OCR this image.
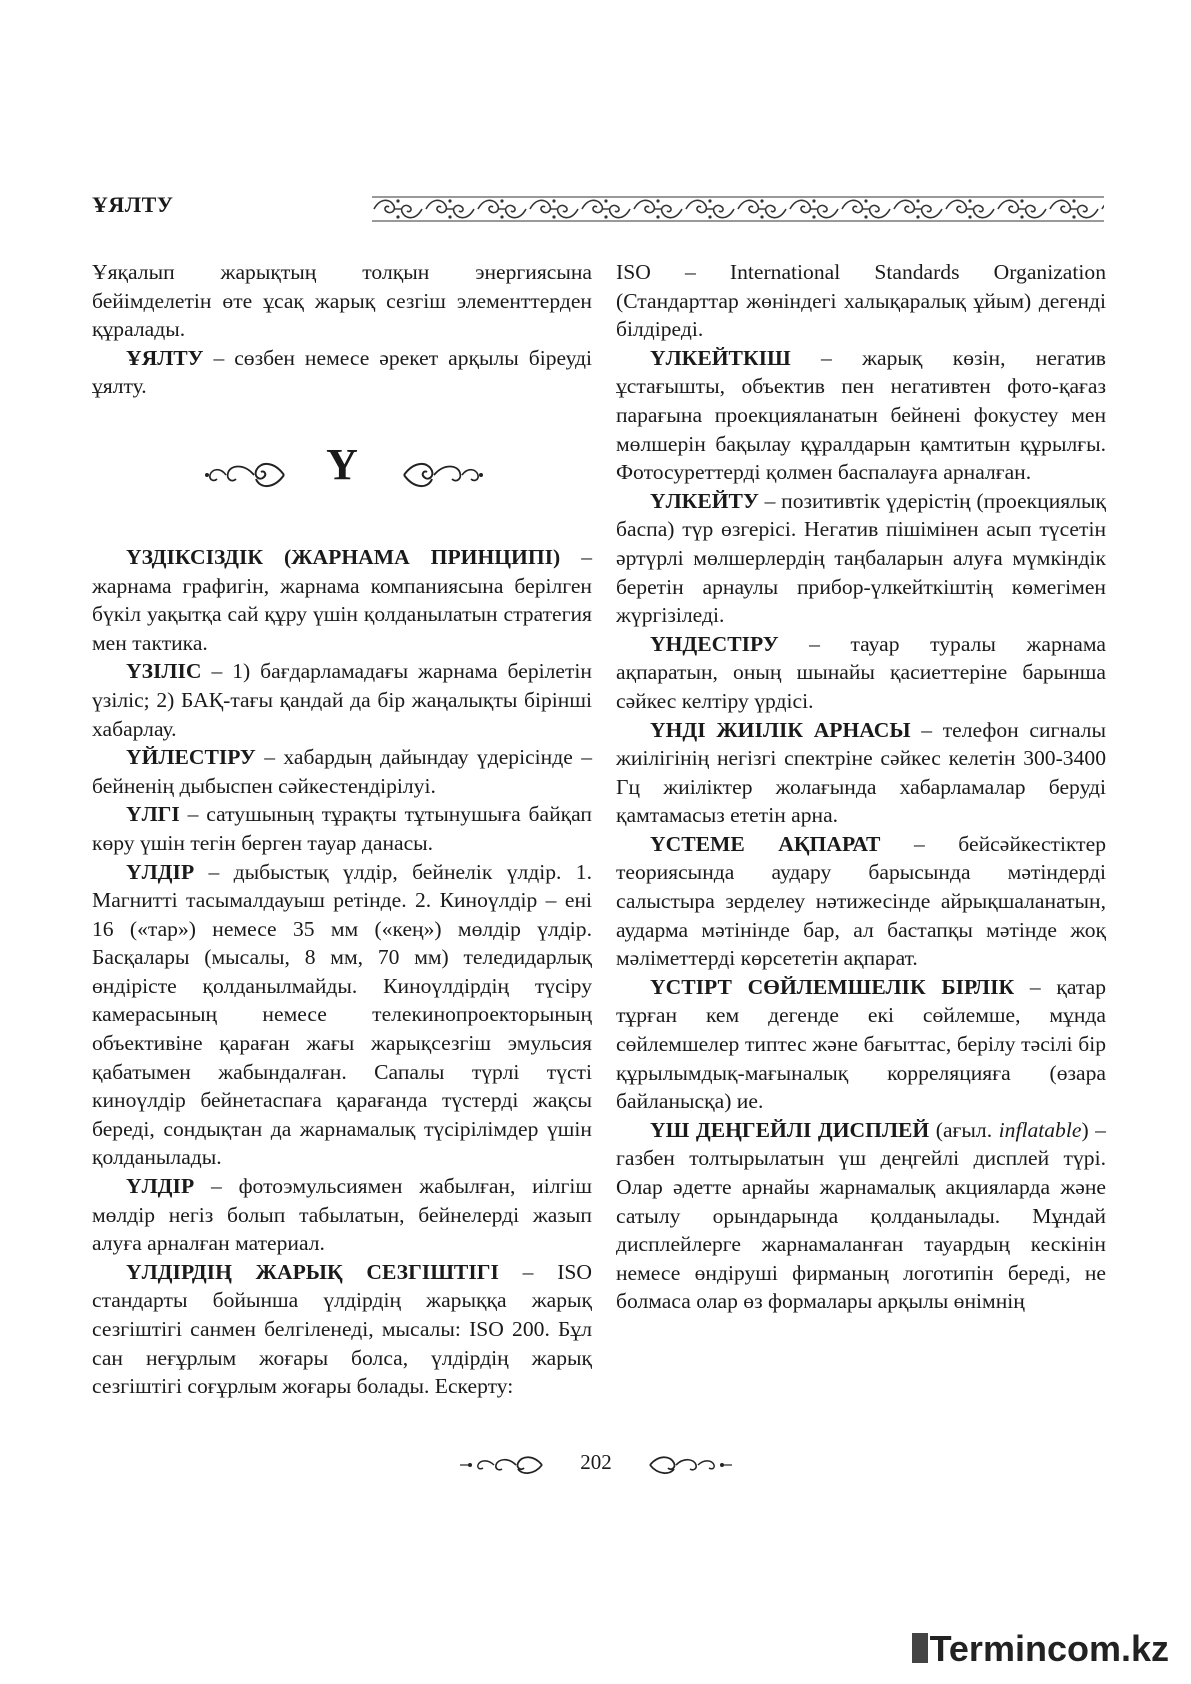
ҰЯЛТУ

Ұяқалып жарықтың толқын энергиясына бейімделетін өте ұсақ жарық сезгіш элементтерден құралады.

ҰЯЛТУ – сөзбен немесе әрекет арқылы біреуді ұялту.

Ү

ҮЗДІКСІЗДІК (ЖАРНАМА ПРИНЦИПІ) – жарнама графигін, жарнама компаниясына берілген бүкіл уақытқа сай құру үшін қолданылатын стратегия мен тактика.

ҮЗІЛІС – 1) бағдарламадағы жарнама берілетін үзіліс; 2) БАҚ-тағы қандай да бір жаңалықты бірінші хабарлау.

ҮЙЛЕСТІРУ – хабардың дайындау үдерісінде – бейненің дыбыспен сәйкестендірілуі.

ҮЛГІ – сатушының тұрақты тұтынушыға байқап көру үшін тегін берген тауар данасы.

ҮЛДІР – дыбыстық үлдір, бейнелік үлдір. 1. Магнитті тасымалдауыш ретінде. 2. Киноүлдір – ені 16 («тар») немесе 35 мм («кең») мөлдір үлдір. Басқалары (мысалы, 8 мм, 70 мм) теледидарлық өндірісте қолданылмайды. Киноүлдірдің түсіру камерасының немесе телекинопроекторының объективіне қараған жағы жарықсезгіш эмульсия қабатымен жабындалған. Сапалы түрлі түсті киноүлдір бейнетаспаға қарағанда түстерді жақсы береді, сондықтан да жарнамалық түсірілімдер үшін қолданылады.

ҮЛДІР – фотоэмульсиямен жабылған, иілгіш мөлдір негіз болып табылатын, бейнелерді жазып алуға арналған материал.

ҮЛДІРДІҢ ЖАРЫҚ СЕЗГІШТІГІ – ISO стандарты бойынша үлдірдің жарыққа жарық сезгіштігі санмен белгіленеді, мысалы: ISO 200. Бұл сан неғұрлым жоғары болса, үлдірдің жарық сезгіштігі соғұрлым жоғары болады. Ескерту:

ISO – International Standards Organization (Стандарттар жөніндегі халықаралық ұйым) дегенді білдіреді.

ҮЛКЕЙТКІШ – жарық көзін, негатив ұстағышты, объектив пен негативтен фото-қағаз парағына проекцияланатын бейнені фокустеу мен мөлшерін бақылау құралдарын қамтитын құрылғы. Фотосуреттерді қолмен баспалауға арналған.

ҮЛКЕЙТУ – позитивтік үдерістің (проекциялық баспа) түр өзгерісі. Негатив пішімінен асып түсетін әртүрлі мөлшерлердің таңбаларын алуға мүмкіндік беретін арнаулы прибор-үлкейткіштің көмегімен жүргізіледі.

ҮНДЕСТІРУ – тауар туралы жарнама ақпаратын, оның шынайы қасиеттеріне барынша сәйкес келтіру үрдісі.

ҮНДІ ЖИІЛІК АРНАСЫ – телефон сигналы жиілігінің негізгі спектріне сәйкес келетін 300-3400 Гц жиіліктер жолағында хабарламалар беруді қамтамасыз ететін арна.

ҮСТЕМЕ АҚПАРАТ – бейсәйкестіктер теориясында аудару барысында мәтіндерді салыстыра зерделеу нәтижесінде айрықшаланатын, аударма мәтінінде бар, ал бастапқы мәтінде жоқ мәліметтерді көрсететін ақпарат.

ҮСТІРТ СӨЙЛЕМШЕЛІК БІРЛІК – қатар тұрған кем дегенде екі сөйлемше, мұнда сөйлемшелер типтес және бағыттас, берілу тәсілі бір құрылымдық-мағыналық корреляцияға (өзара байланысқа) ие.

ҮШ ДЕҢГЕЙЛІ ДИСПЛЕЙ (ағыл. inflatable) – газбен толтырылатын үш деңгейлі дисплей түрі. Олар әдетте арнайы жарнамалық акцияларда және сатылу орындарында қолданылады. Мұндай дисплейлерге жарнамаланған тауардың кескінін немесе өндіруші фирманың логотипін береді, не болмаса олар өз формалары арқылы өнімнің

202
Termincom.kz
